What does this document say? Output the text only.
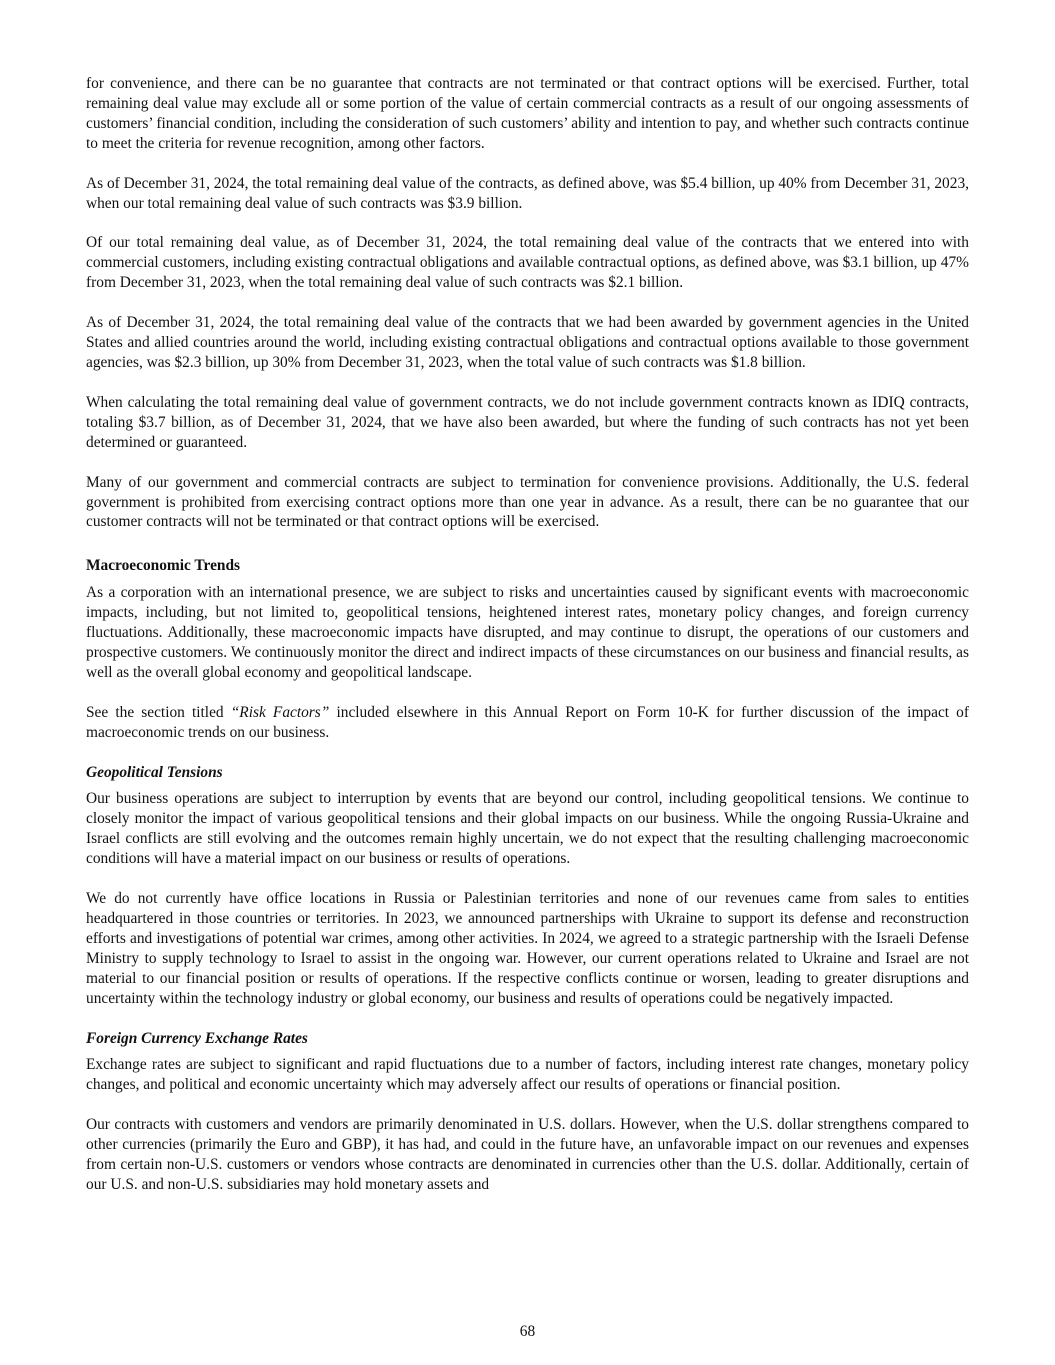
for convenience, and there can be no guarantee that contracts are not terminated or that contract options will be exercised. Further, total remaining deal value may exclude all or some portion of the value of certain commercial contracts as a result of our ongoing assessments of customers’ financial condition, including the consideration of such customers’ ability and intention to pay, and whether such contracts continue to meet the criteria for revenue recognition, among other factors.

As of December 31, 2024, the total remaining deal value of the contracts, as defined above, was $5.4 billion, up 40% from December 31, 2023, when our total remaining deal value of such contracts was $3.9 billion.

Of our total remaining deal value, as of December 31, 2024, the total remaining deal value of the contracts that we entered into with commercial customers, including existing contractual obligations and available contractual options, as defined above, was $3.1 billion, up 47% from December 31, 2023, when the total remaining deal value of such contracts was $2.1 billion.

As of December 31, 2024, the total remaining deal value of the contracts that we had been awarded by government agencies in the United States and allied countries around the world, including existing contractual obligations and contractual options available to those government agencies, was $2.3 billion, up 30% from December 31, 2023, when the total value of such contracts was $1.8 billion.

When calculating the total remaining deal value of government contracts, we do not include government contracts known as IDIQ contracts, totaling $3.7 billion, as of December 31, 2024, that we have also been awarded, but where the funding of such contracts has not yet been determined or guaranteed.

Many of our government and commercial contracts are subject to termination for convenience provisions. Additionally, the U.S. federal government is prohibited from exercising contract options more than one year in advance. As a result, there can be no guarantee that our customer contracts will not be terminated or that contract options will be exercised.

Macroeconomic Trends

As a corporation with an international presence, we are subject to risks and uncertainties caused by significant events with macroeconomic impacts, including, but not limited to, geopolitical tensions, heightened interest rates, monetary policy changes, and foreign currency fluctuations. Additionally, these macroeconomic impacts have disrupted, and may continue to disrupt, the operations of our customers and prospective customers. We continuously monitor the direct and indirect impacts of these circumstances on our business and financial results, as well as the overall global economy and geopolitical landscape.

See the section titled “Risk Factors” included elsewhere in this Annual Report on Form 10-K for further discussion of the impact of macroeconomic trends on our business.

Geopolitical Tensions

Our business operations are subject to interruption by events that are beyond our control, including geopolitical tensions. We continue to closely monitor the impact of various geopolitical tensions and their global impacts on our business. While the ongoing Russia-Ukraine and Israel conflicts are still evolving and the outcomes remain highly uncertain, we do not expect that the resulting challenging macroeconomic conditions will have a material impact on our business or results of operations.

We do not currently have office locations in Russia or Palestinian territories and none of our revenues came from sales to entities headquartered in those countries or territories. In 2023, we announced partnerships with Ukraine to support its defense and reconstruction efforts and investigations of potential war crimes, among other activities. In 2024, we agreed to a strategic partnership with the Israeli Defense Ministry to supply technology to Israel to assist in the ongoing war. However, our current operations related to Ukraine and Israel are not material to our financial position or results of operations. If the respective conflicts continue or worsen, leading to greater disruptions and uncertainty within the technology industry or global economy, our business and results of operations could be negatively impacted.

Foreign Currency Exchange Rates

Exchange rates are subject to significant and rapid fluctuations due to a number of factors, including interest rate changes, monetary policy changes, and political and economic uncertainty which may adversely affect our results of operations or financial position.

Our contracts with customers and vendors are primarily denominated in U.S. dollars. However, when the U.S. dollar strengthens compared to other currencies (primarily the Euro and GBP), it has had, and could in the future have, an unfavorable impact on our revenues and expenses from certain non-U.S. customers or vendors whose contracts are denominated in currencies other than the U.S. dollar. Additionally, certain of our U.S. and non-U.S. subsidiaries may hold monetary assets and

68
